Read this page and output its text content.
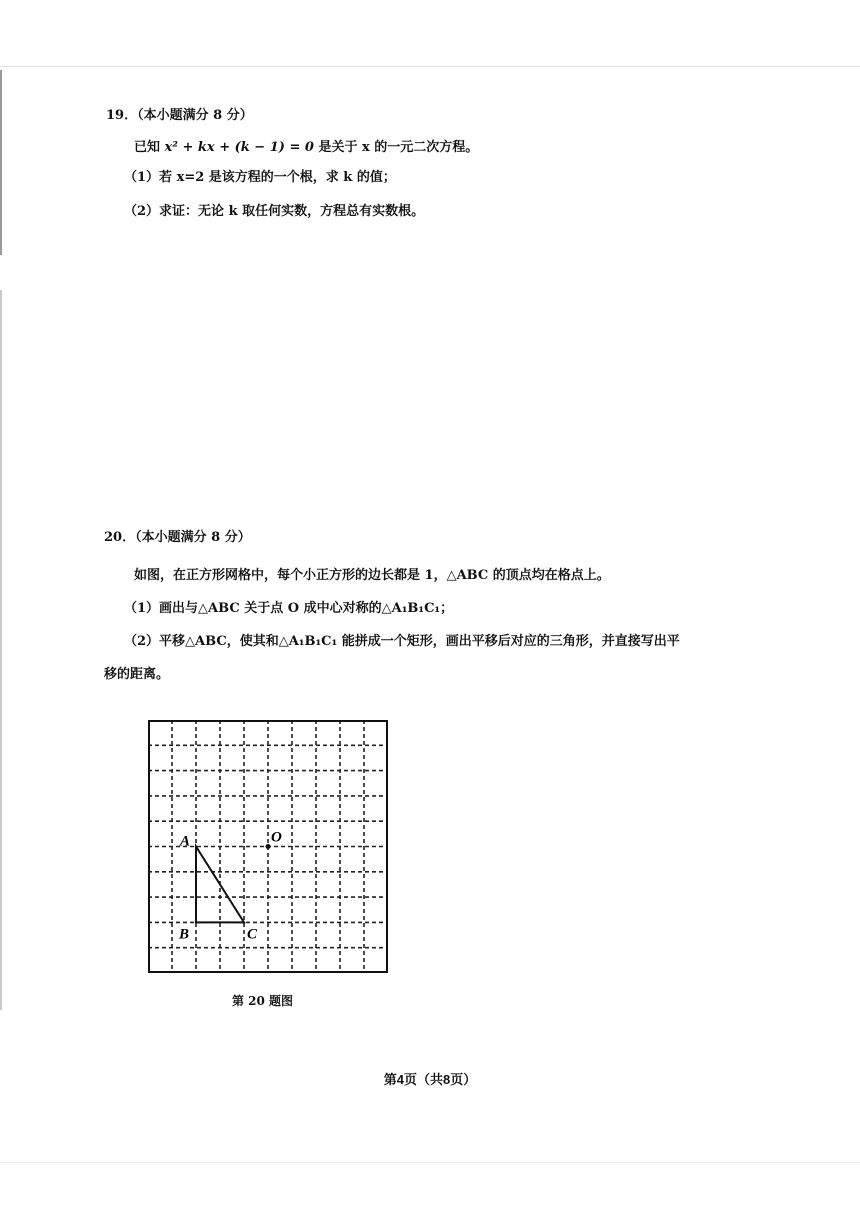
19．（本小题满分 8 分）
已知 x² + kx + (k − 1) = 0 是关于 x 的一元二次方程。
（1）若 x=2 是该方程的一个根，求 k 的值；
（2）求证：无论 k 取任何实数，方程总有实数根。
20．（本小题满分 8 分）
如图，在正方形网格中，每个小正方形的边长都是 1，△ABC 的顶点均在格点上。
（1）画出与△ABC 关于点 O 成中心对称的△A₁B₁C₁；
（2）平移△ABC，使其和△A₁B₁C₁ 能拼成一个矩形，画出平移后对应的三角形，并直接写出平
移的距离。
A
B	C
O
第 20 题图
第4页（共8页）
